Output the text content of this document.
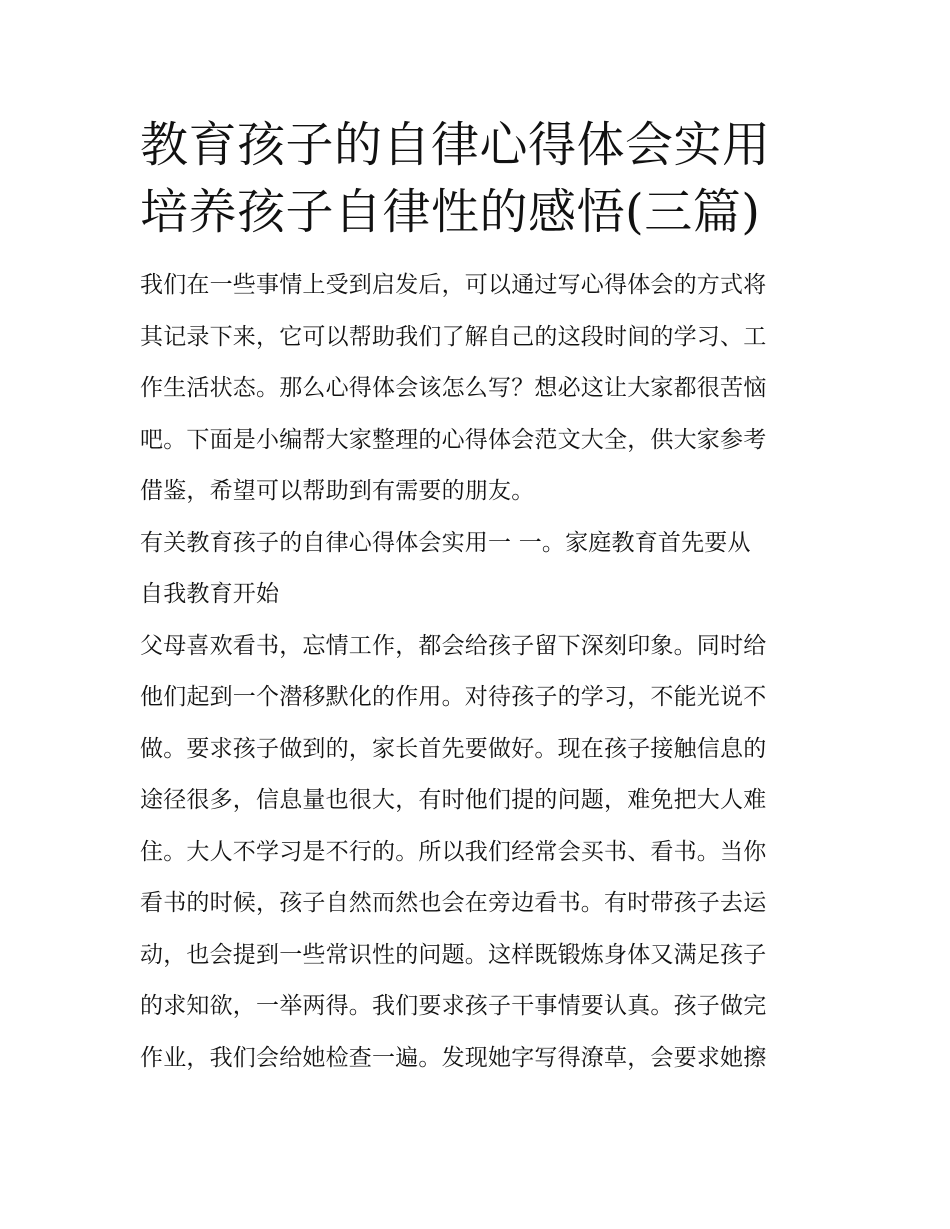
教育孩子的自律心得体会实用
培养孩子自律性的感悟(三篇)

我们在一些事情上受到启发后，可以通过写心得体会的方式将
其记录下来，它可以帮助我们了解自己的这段时间的学习、工
作生活状态。那么心得体会该怎么写？想必这让大家都很苦恼
吧。下面是小编帮大家整理的心得体会范文大全，供大家参考
借鉴，希望可以帮助到有需要的朋友。

有关教育孩子的自律心得体会实用一 一。家庭教育首先要从
自我教育开始

父母喜欢看书，忘情工作，都会给孩子留下深刻印象。同时给
他们起到一个潜移默化的作用。对待孩子的学习，不能光说不
做。要求孩子做到的，家长首先要做好。现在孩子接触信息的
途径很多，信息量也很大，有时他们提的问题，难免把大人难
住。大人不学习是不行的。所以我们经常会买书、看书。当你
看书的时候，孩子自然而然也会在旁边看书。有时带孩子去运
动，也会提到一些常识性的问题。这样既锻炼身体又满足孩子
的求知欲，一举两得。我们要求孩子干事情要认真。孩子做完
作业，我们会给她检查一遍。发现她字写得潦草，会要求她擦
